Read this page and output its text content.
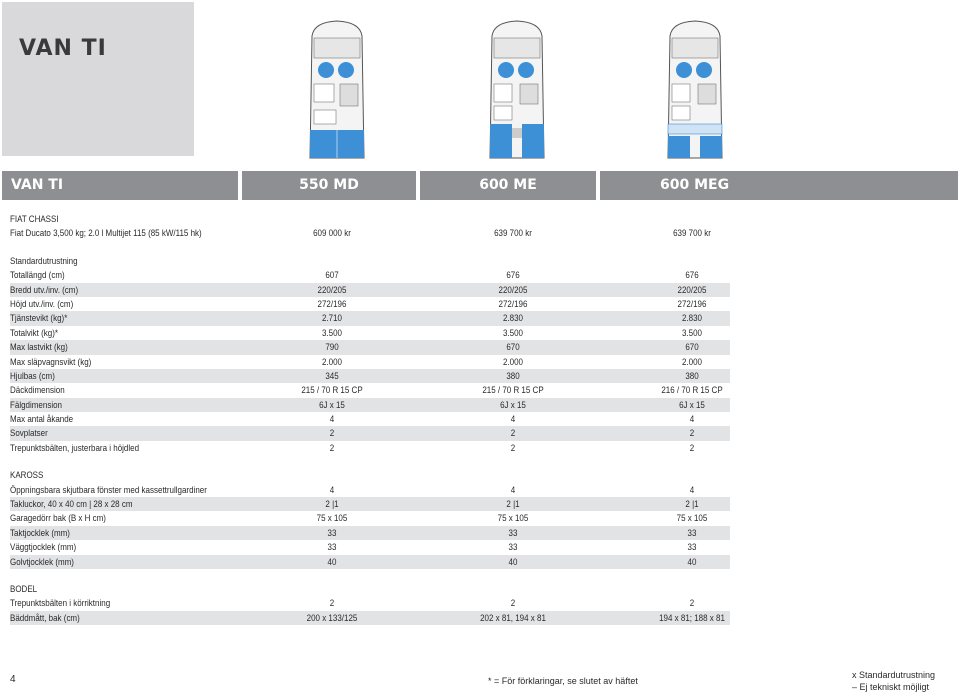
VAN TI
VAN TI	550 MD	600 ME	600 MEG
FIAT CHASSI
Fiat Ducato 3,500 kg; 2.0 l Multijet 115 (85 kW/115 hk)	609 000 kr	639 700 kr	639 700 kr
Standardutrustning
Totallängd (cm)	607	676	676
Bredd utv./inv. (cm)	220/205	220/205	220/205
Höjd utv./inv. (cm)	272/196	272/196	272/196
Tjänstevikt (kg)*	2.710	2.830	2.830
Totalvikt (kg)*	3.500	3.500	3.500
Max lastvikt (kg)	790	670	670
Max släpvagnsvikt (kg)	2.000	2.000	2.000
Hjulbas (cm)	345	380	380
Däckdimension	215 / 70 R 15 CP	215 / 70 R 15 CP	216 / 70 R 15 CP
Fälgdimension	6J x 15	6J x 15	6J x 15
Max antal åkande	4	4	4
Sovplatser	2	2	2
Trepunktsbälten, justerbara i höjdled	2	2	2
KAROSS
Öppningsbara skjutbara fönster med kassettrullgardiner	4	4	4
Takluckor, 40 x 40 cm | 28 x 28 cm	2 |1	2 |1	2 |1
Garagedörr bak (B x H cm)	75 x 105	75 x 105	75 x 105
Taktjocklek (mm)	33	33	33
Väggtjocklek (mm)	33	33	33
Golvtjocklek (mm)	40	40	40
BODEL
Trepunktsbälten i körriktning	2	2	2
Bäddmått, bak (cm)	200 x 133/125	202 x 81, 194 x 81	194 x 81; 188 x 81
4	* = För förklaringar, se slutet av häftet
x Standardutrustning
– Ej tekniskt möjligt
